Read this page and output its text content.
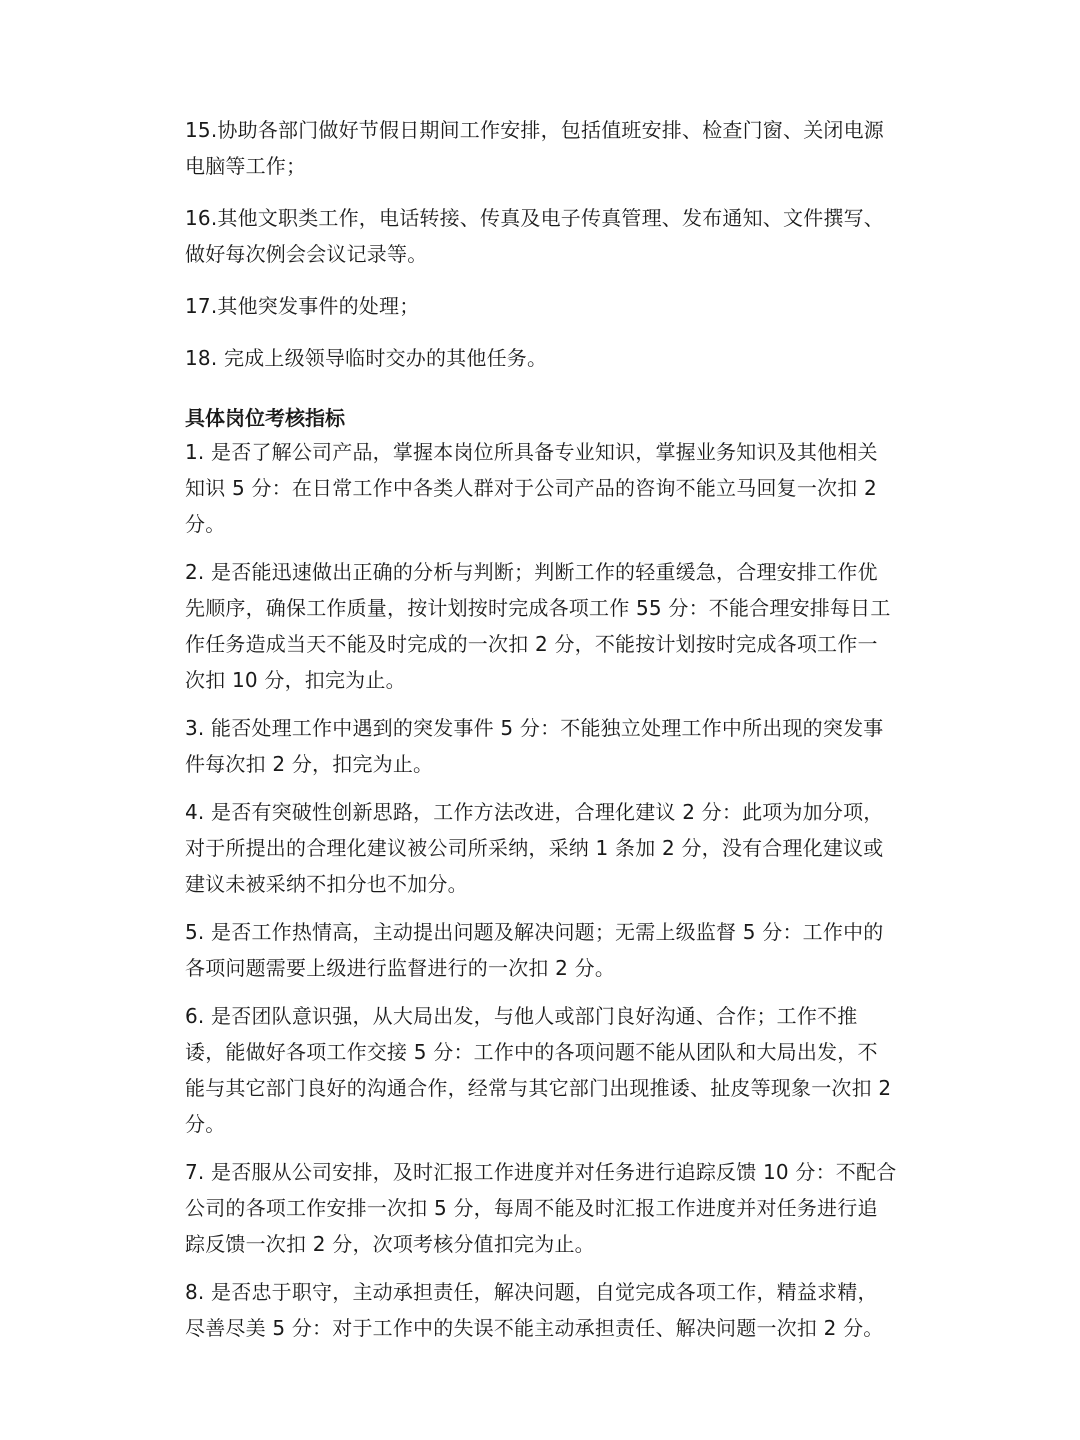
15.协助各部门做好节假日期间工作安排，包括值班安排、检查门窗、关闭电源电脑等工作；

16.其他文职类工作，电话转接、传真及电子传真管理、发布通知、文件撰写、做好每次例会会议记录等。

17.其他突发事件的处理；

18. 完成上级领导临时交办的其他任务。

具体岗位考核指标

1. 是否了解公司产品，掌握本岗位所具备专业知识，掌握业务知识及其他相关知识 5 分：在日常工作中各类人群对于公司产品的咨询不能立马回复一次扣 2 分。

2. 是否能迅速做出正确的分析与判断；判断工作的轻重缓急，合理安排工作优先顺序，确保工作质量，按计划按时完成各项工作 55 分：不能合理安排每日工作任务造成当天不能及时完成的一次扣 2 分，不能按计划按时完成各项工作一次扣 10 分，扣完为止。

3. 能否处理工作中遇到的突发事件 5 分：不能独立处理工作中所出现的突发事件每次扣 2 分，扣完为止。

4. 是否有突破性创新思路，工作方法改进，合理化建议 2 分：此项为加分项，对于所提出的合理化建议被公司所采纳，采纳 1 条加 2 分，没有合理化建议或建议未被采纳不扣分也不加分。

5. 是否工作热情高，主动提出问题及解决问题；无需上级监督 5 分：工作中的各项问题需要上级进行监督进行的一次扣 2 分。

6. 是否团队意识强，从大局出发，与他人或部门良好沟通、合作；工作不推诿，能做好各项工作交接 5 分：工作中的各项问题不能从团队和大局出发，不能与其它部门良好的沟通合作，经常与其它部门出现推诿、扯皮等现象一次扣 2 分。

7. 是否服从公司安排，及时汇报工作进度并对任务进行追踪反馈 10 分：不配合公司的各项工作安排一次扣 5 分，每周不能及时汇报工作进度并对任务进行追踪反馈一次扣 2 分，次项考核分值扣完为止。

8. 是否忠于职守，主动承担责任，解决问题，自觉完成各项工作，精益求精，尽善尽美 5 分：对于工作中的失误不能主动承担责任、解决问题一次扣 2 分。
